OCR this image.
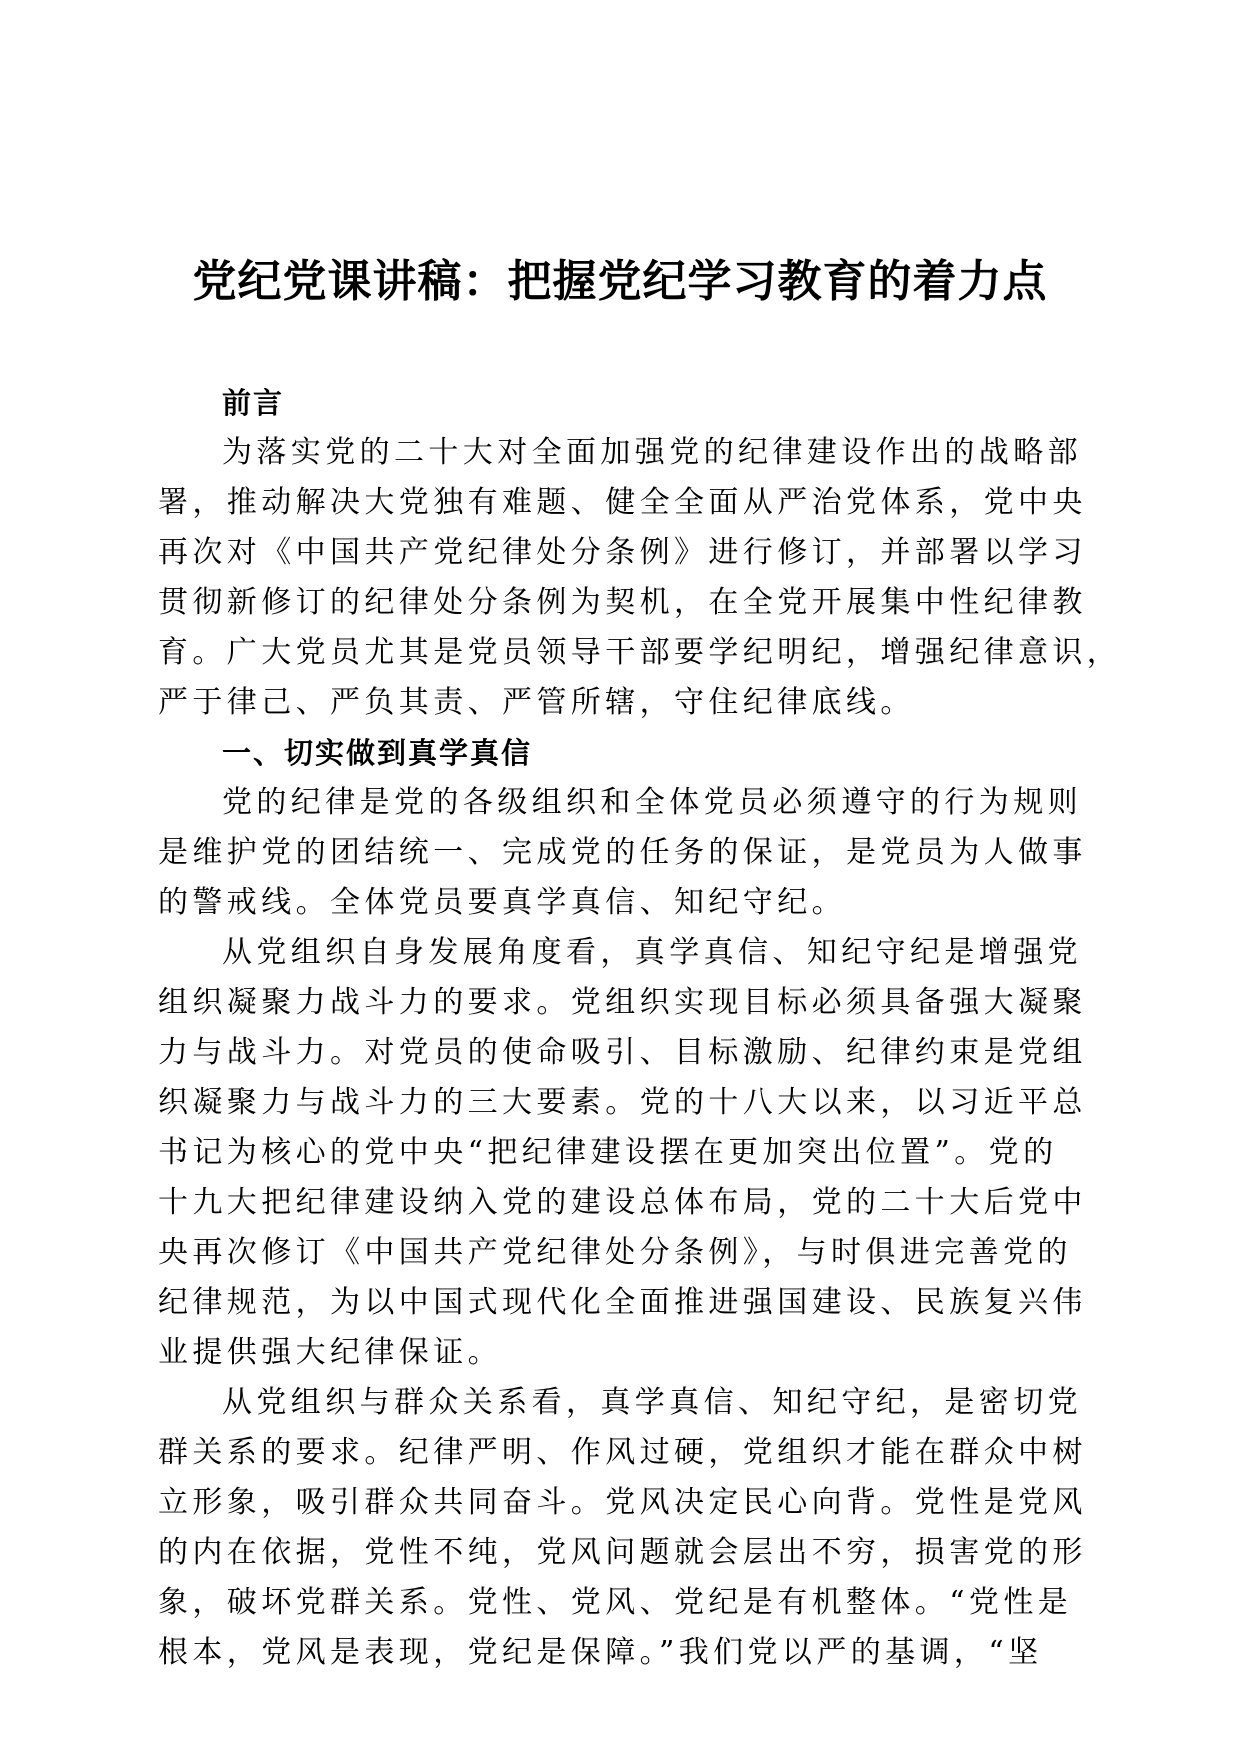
党纪党课讲稿：把握党纪学习教育的着力点
前言
为落实党的二十大对全面加强党的纪律建设作出的战略部
署，推动解决大党独有难题、健全全面从严治党体系，党中央
再次对《中国共产党纪律处分条例》进行修订，并部署以学习
贯彻新修订的纪律处分条例为契机，在全党开展集中性纪律教
育。广大党员尤其是党员领导干部要学纪明纪，增强纪律意识，
严于律己、严负其责、严管所辖，守住纪律底线。
一、切实做到真学真信
党的纪律是党的各级组织和全体党员必须遵守的行为规则
是维护党的团结统一、完成党的任务的保证，是党员为人做事
的警戒线。全体党员要真学真信、知纪守纪。
从党组织自身发展角度看，真学真信、知纪守纪是增强党
组织凝聚力战斗力的要求。党组织实现目标必须具备强大凝聚
力与战斗力。对党员的使命吸引、目标激励、纪律约束是党组
织凝聚力与战斗力的三大要素。党的十八大以来，以习近平总
书记为核心的党中央“把纪律建设摆在更加突出位置”。党的
十九大把纪律建设纳入党的建设总体布局，党的二十大后党中
央再次修订《中国共产党纪律处分条例》，与时俱进完善党的
纪律规范，为以中国式现代化全面推进强国建设、民族复兴伟
业提供强大纪律保证。
从党组织与群众关系看，真学真信、知纪守纪，是密切党
群关系的要求。纪律严明、作风过硬，党组织才能在群众中树
立形象，吸引群众共同奋斗。党风决定民心向背。党性是党风
的内在依据，党性不纯，党风问题就会层出不穷，损害党的形
象，破坏党群关系。党性、党风、党纪是有机整体。“党性是
根本，党风是表现，党纪是保障。”我们党以严的基调，“坚
